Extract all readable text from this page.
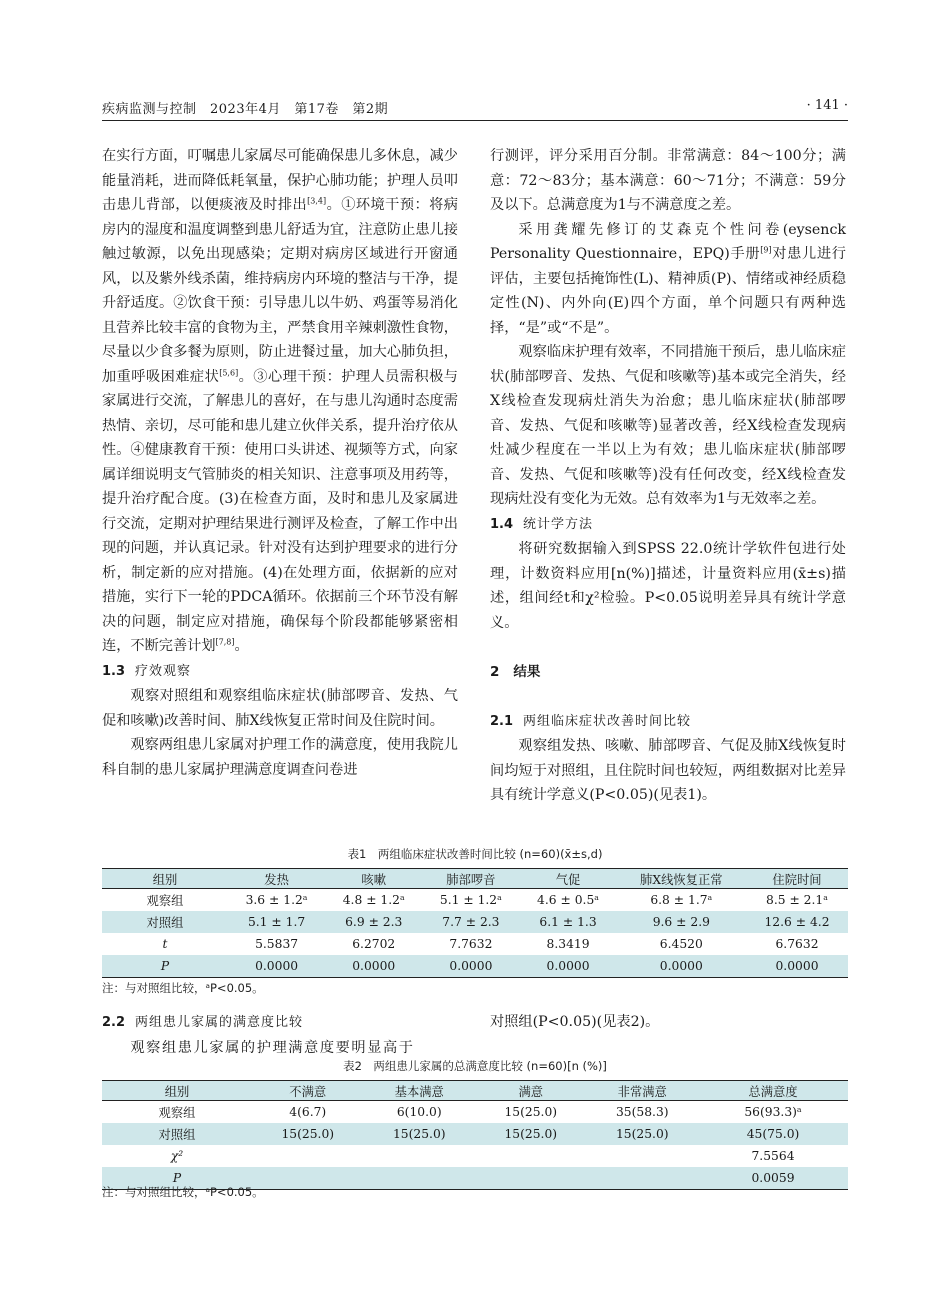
疾病监测与控制　2023年4月　第17卷　第2期	· 141 ·

在实行方面，叮嘱患儿家属尽可能确保患儿多休息，减少能量消耗，进而降低耗氧量，保护心肺功能；护理人员叩击患儿背部，以便痰液及时排出[3,4]。①环境干预：将病房内的湿度和温度调整到患儿舒适为宜，注意防止患儿接触过敏源，以免出现感染；定期对病房区域进行开窗通风，以及紫外线杀菌，维持病房内环境的整洁与干净，提升舒适度。②饮食干预：引导患儿以牛奶、鸡蛋等易消化且营养比较丰富的食物为主，严禁食用辛辣刺激性食物，尽量以少食多餐为原则，防止进餐过量，加大心肺负担，加重呼吸困难症状[5,6]。③心理干预：护理人员需积极与家属进行交流，了解患儿的喜好，在与患儿沟通时态度需热情、亲切，尽可能和患儿建立伙伴关系，提升治疗依从性。④健康教育干预：使用口头讲述、视频等方式，向家属详细说明支气管肺炎的相关知识、注意事项及用药等，提升治疗配合度。(3)在检查方面，及时和患儿及家属进行交流，定期对护理结果进行测评及检查，了解工作中出现的问题，并认真记录。针对没有达到护理要求的进行分析，制定新的应对措施。(4)在处理方面，依据新的应对措施，实行下一轮的PDCA循环。依据前三个环节没有解决的问题，制定应对措施，确保每个阶段都能够紧密相连，不断完善计划[7,8]。

1.3 疗效观察

观察对照组和观察组临床症状(肺部啰音、发热、气促和咳嗽)改善时间、肺X线恢复正常时间及住院时间。

观察两组患儿家属对护理工作的满意度，使用我院儿科自制的患儿家属护理满意度调查问卷进

行测评，评分采用百分制。非常满意：84～100分；满意：72～83分；基本满意：60～71分；不满意：59分及以下。总满意度为1与不满意度之差。

采用龚耀先修订的艾森克个性问卷(eysenck Personality Questionnaire，EPQ)手册[9]对患儿进行评估，主要包括掩饰性(L)、精神质(P)、情绪或神经质稳定性(N)、内外向(E)四个方面，单个问题只有两种选择，“是”或“不是”。

观察临床护理有效率，不同措施干预后，患儿临床症状(肺部啰音、发热、气促和咳嗽等)基本或完全消失，经X线检查发现病灶消失为治愈；患儿临床症状(肺部啰音、发热、气促和咳嗽等)显著改善，经X线检查发现病灶减少程度在一半以上为有效；患儿临床症状(肺部啰音、发热、气促和咳嗽等)没有任何改变，经X线检查发现病灶没有变化为无效。总有效率为1与无效率之差。

1.4 统计学方法

将研究数据输入到SPSS 22.0统计学软件包进行处理，计数资料应用[n(%)]描述，计量资料应用(x̄±s)描述，组间经t和χ²检验。P<0.05说明差异具有统计学意义。

2 结果

2.1 两组临床症状改善时间比较

观察组发热、咳嗽、肺部啰音、气促及肺X线恢复时间均短于对照组，且住院时间也较短，两组数据对比差异具有统计学意义(P<0.05)(见表1)。

表1　两组临床症状改善时间比较 (n=60)(x̄±s,d)
组别	发热	咳嗽	肺部啰音	气促	肺X线恢复正常	住院时间
观察组	3.6 ± 1.2ᵃ	4.8 ± 1.2ᵃ	5.1 ± 1.2ᵃ	4.6 ± 0.5ᵃ	6.8 ± 1.7ᵃ	8.5 ± 2.1ᵃ
对照组	5.1 ± 1.7	6.9 ± 2.3	7.7 ± 2.3	6.1 ± 1.3	9.6 ± 2.9	12.6 ± 4.2
t	5.5837	6.2702	7.7632	8.3419	6.4520	6.7632
P	0.0000	0.0000	0.0000	0.0000	0.0000	0.0000
注：与对照组比较，ᵃP<0.05。

2.2 两组患儿家属的满意度比较

观察组患儿家属的护理满意度要明显高于

对照组(P<0.05)(见表2)。
表2　两组患儿家属的总满意度比较 (n=60)[n (%)]
组别	不满意	基本满意	满意	非常满意	总满意度
观察组	4(6.7)	6(10.0)	15(25.0)	35(58.3)	56(93.3)ᵃ
对照组	15(25.0)	15(25.0)	15(25.0)	15(25.0)	45(75.0)
χ²					7.5564
P					0.0059
注：与对照组比较，ᵃP<0.05。
